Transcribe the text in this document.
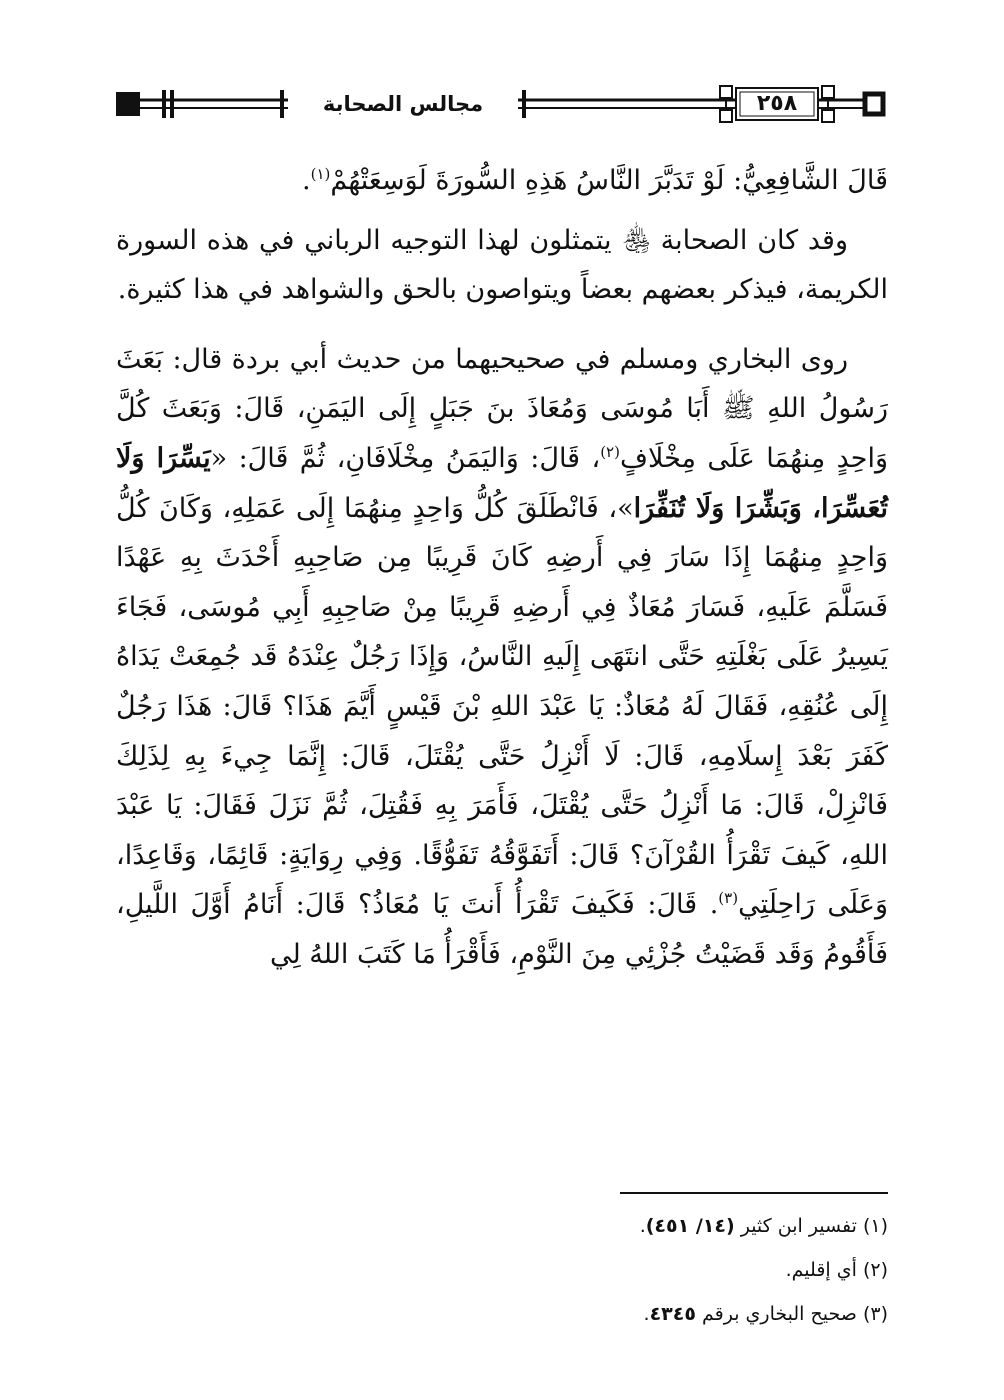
مجالس الصحابة	٢٥٨

قَالَ الشَّافِعِيُّ: لَوْ تَدَبَّرَ النَّاسُ هَذِهِ السُّورَةَ لَوَسِعَتْهُمْ$^{(١)}$.

وقد كان الصحابة ﵃ يتمثلون لهذا التوجيه الرباني في هذه السورة الكريمة، فيذكر بعضهم بعضاً ويتواصون بالحق والشواهد في هذا كثيرة.

روى البخاري ومسلم في صحيحيهما من حديث أبي بردة قال: بَعَثَ رَسُولُ اللهِ ﷺ أَبَا مُوسَى وَمُعَاذَ بنَ جَبَلٍ إِلَى اليَمَنِ، قَالَ: وَبَعَثَ كُلَّ وَاحِدٍ مِنهُمَا عَلَى مِخْلَافٍ$^{(٢)}$، قَالَ: وَاليَمَنُ مِخْلَافَانِ، ثُمَّ قَالَ: «يَسِّرَا وَلَا تُعَسِّرَا، وَبَشِّرَا وَلَا تُنَفِّرَا»، فَانْطَلَقَ كُلُّ وَاحِدٍ مِنهُمَا إِلَى عَمَلِهِ، وَكَانَ كُلُّ وَاحِدٍ مِنهُمَا إِذَا سَارَ فِي أَرضِهِ كَانَ قَرِيبًا مِن صَاحِبِهِ أَحْدَثَ بِهِ عَهْدًا فَسَلَّمَ عَلَيهِ، فَسَارَ مُعَاذٌ فِي أَرضِهِ قَرِيبًا مِنْ صَاحِبِهِ أَبِي مُوسَى، فَجَاءَ يَسِيرُ عَلَى بَغْلَتِهِ حَتَّى انتَهَى إِلَيهِ النَّاسُ، وَإِذَا رَجُلٌ عِنْدَهُ قَد جُمِعَتْ يَدَاهُ إِلَى عُنُقِهِ، فَقَالَ لَهُ مُعَاذٌ: يَا عَبْدَ اللهِ بْنَ قَيْسٍ أَيَّمَ هَذَا؟ قَالَ: هَذَا رَجُلٌ كَفَرَ بَعْدَ إِسلَامِهِ، قَالَ: لَا أَنْزِلُ حَتَّى يُقْتَلَ، قَالَ: إِنَّمَا جِيءَ بِهِ لِذَلِكَ فَانْزِلْ، قَالَ: مَا أَنْزِلُ حَتَّى يُقْتَلَ، فَأَمَرَ بِهِ فَقُتِلَ، ثُمَّ نَزَلَ فَقَالَ: يَا عَبْدَ اللهِ، كَيفَ تَقْرَأُ القُرْآنَ؟ قَالَ: أَتَفَوَّقُهُ تَفَوُّقًا. وَفِي رِوَايَةٍ: قَائِمًا، وَقَاعِدًا، وَعَلَى رَاحِلَتِي$^{(٣)}$. قَالَ: فَكَيفَ تَقْرَأُ أَنتَ يَا مُعَاذُ؟ قَالَ: أَنَامُ أَوَّلَ اللَّيلِ، فَأَقُومُ وَقَد قَضَيْتُ جُزْئِي مِنَ النَّوْمِ، فَأَقْرَأُ مَا كَتَبَ اللهُ لِي

(١) تفسير ابن كثير (١٤/ ٤٥١).
(٢) أي إقليم.
(٣) صحيح البخاري برقم ٤٣٤٥.
